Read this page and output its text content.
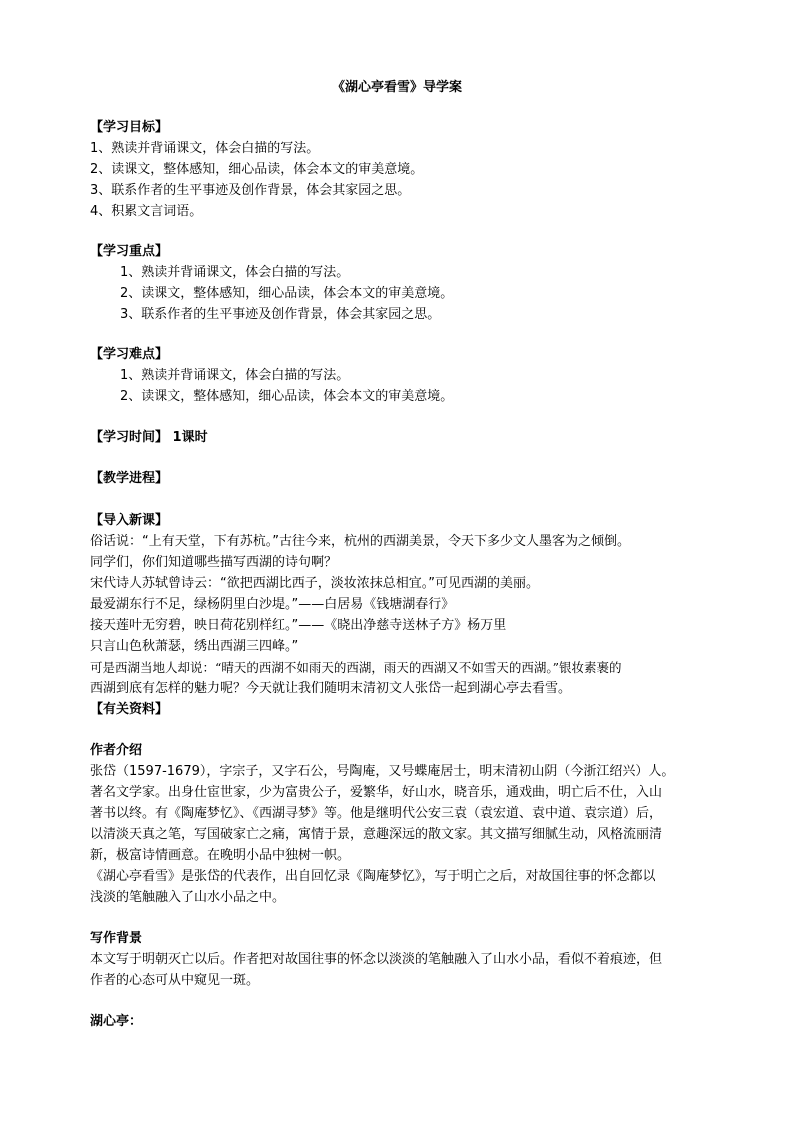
《湖心亭看雪》导学案
【学习目标】
1、熟读并背诵课文，体会白描的写法。
2、读课文，整体感知，细心品读，体会本文的审美意境。
3、联系作者的生平事迹及创作背景，体会其家园之思。
4、积累文言词语。
【学习重点】
1、熟读并背诵课文，体会白描的写法。
2、读课文，整体感知，细心品读，体会本文的审美意境。
3、联系作者的生平事迹及创作背景，体会其家园之思。
【学习难点】
1、熟读并背诵课文，体会白描的写法。
2、读课文，整体感知，细心品读，体会本文的审美意境。
【学习时间】 1课时
【教学进程】
【导入新课】
俗话说：“上有天堂，下有苏杭。”古往今来，杭州的西湖美景，令天下多少文人墨客为之倾倒。
同学们，你们知道哪些描写西湖的诗句啊？
宋代诗人苏轼曾诗云：“欲把西湖比西子，淡妆浓抹总相宜。”可见西湖的美丽。
最爱湖东行不足，绿杨阴里白沙堤。”——白居易《钱塘湖春行》
接天莲叶无穷碧，映日荷花别样红。”——《晓出净慈寺送林子方》杨万里
只言山色秋萧瑟，绣出西湖三四峰。”
可是西湖当地人却说：“晴天的西湖不如雨天的西湖，雨天的西湖又不如雪天的西湖。”银妆素裹的
西湖到底有怎样的魅力呢？今天就让我们随明末清初文人张岱一起到湖心亭去看雪。
【有关资料】
作者介绍
张岱（1597-1679），字宗子，又字石公，号陶庵，又号蝶庵居士，明末清初山阴（今浙江绍兴）人。
著名文学家。出身仕宦世家，少为富贵公子，爱繁华，好山水，晓音乐，通戏曲，明亡后不仕，入山
著书以终。有《陶庵梦忆》、《西湖寻梦》等。他是继明代公安三袁（袁宏道、袁中道、袁宗道）后，
以清淡天真之笔，写国破家亡之痛，寓情于景，意趣深远的散文家。其文描写细腻生动，风格流丽清
新，极富诗情画意。在晚明小品中独树一帜。
《湖心亭看雪》是张岱的代表作，出自回忆录《陶庵梦忆》，写于明亡之后，对故国往事的怀念都以
浅淡的笔触融入了山水小品之中。
写作背景
本文写于明朝灭亡以后。作者把对故国往事的怀念以淡淡的笔触融入了山水小品，看似不着痕迹，但
作者的心态可从中窥见一斑。
湖心亭：
